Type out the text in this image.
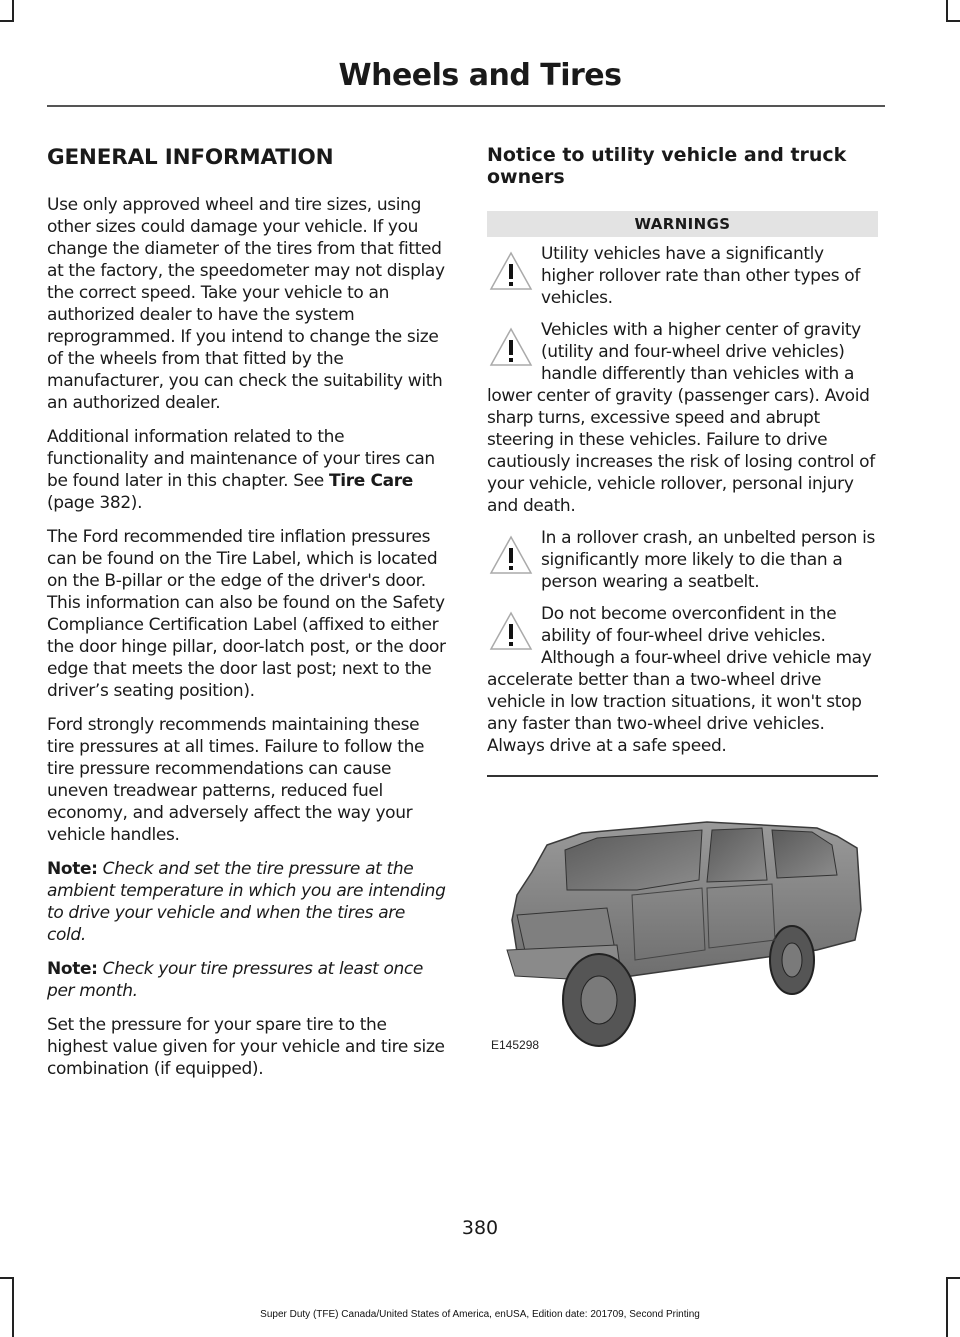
Wheels and Tires
GENERAL INFORMATION

Use only approved wheel and tire sizes, using other sizes could damage your vehicle. If you change the diameter of the tires from that fitted at the factory, the speedometer may not display the correct speed. Take your vehicle to an authorized dealer to have the system reprogrammed. If you intend to change the size of the wheels from that fitted by the manufacturer, you can check the suitability with an authorized dealer.

Additional information related to the functionality and maintenance of your tires can be found later in this chapter. See Tire Care (page 382).

The Ford recommended tire inflation pressures can be found on the Tire Label, which is located on the B-pillar or the edge of the driver's door. This information can also be found on the Safety Compliance Certification Label (affixed to either the door hinge pillar, door-latch post, or the door edge that meets the door last post; next to the driver’s seating position).

Ford strongly recommends maintaining these tire pressures at all times. Failure to follow the tire pressure recommendations can cause uneven treadwear patterns, reduced fuel economy, and adversely affect the way your vehicle handles.

Note: Check and set the tire pressure at the ambient temperature in which you are intending to drive your vehicle and when the tires are cold.

Note: Check your tire pressures at least once per month.

Set the pressure for your spare tire to the highest value given for your vehicle and tire size combination (if equipped).

Notice to utility vehicle and truck owners
WARNINGS
Utility vehicles have a significantly higher rollover rate than other types of vehicles.
Vehicles with a higher center of gravity (utility and four-wheel drive vehicles) handle differently than vehicles with a lower center of gravity (passenger cars). Avoid sharp turns, excessive speed and abrupt steering in these vehicles. Failure to drive cautiously increases the risk of losing control of your vehicle, vehicle rollover, personal injury and death.
In a rollover crash, an unbelted person is significantly more likely to die than a person wearing a seatbelt.
Do not become overconfident in the ability of four-wheel drive vehicles. Although a four-wheel drive vehicle may accelerate better than a two-wheel drive vehicle in low traction situations, it won't stop any faster than two-wheel drive vehicles. Always drive at a safe speed.
E145298
380
Super Duty (TFE) Canada/United States of America, enUSA, Edition date: 201709, Second Printing
